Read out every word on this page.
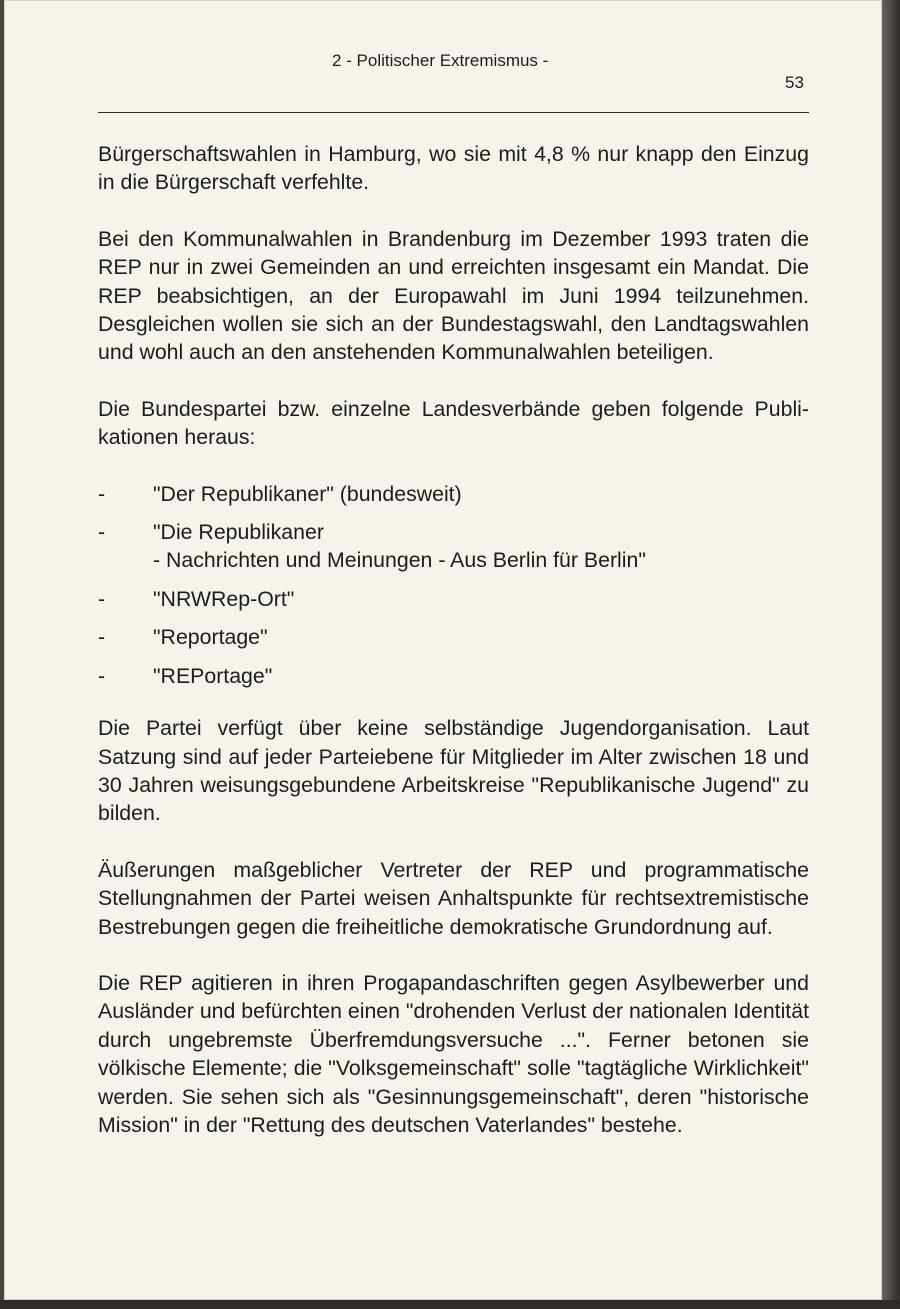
2 - Politischer Extremismus -
53

Bürgerschaftswahlen in Hamburg, wo sie mit 4,8 % nur knapp den Einzug in die Bürgerschaft verfehlte.

Bei den Kommunalwahlen in Brandenburg im Dezember 1993 traten die REP nur in zwei Gemeinden an und erreichten insgesamt ein Mandat. Die REP beabsichtigen, an der Europawahl im Juni 1994 teilzunehmen. Desgleichen wollen sie sich an der Bundestagswahl, den Landtagswahlen und wohl auch an den anstehenden Kommunalwahlen beteiligen.

Die Bundespartei bzw. einzelne Landesverbände geben folgende Publikationen heraus:

- "Der Republikaner" (bundesweit)
- "Die Republikaner
- Nachrichten und Meinungen - Aus Berlin für Berlin"
- "NRWRep-Ort"
- "Reportage"
- "REPortage"

Die Partei verfügt über keine selbständige Jugendorganisation. Laut Satzung sind auf jeder Parteiebene für Mitglieder im Alter zwischen 18 und 30 Jahren weisungsgebundene Arbeitskreise "Republikanische Jugend" zu bilden.

Äußerungen maßgeblicher Vertreter der REP und programmatische Stellungnahmen der Partei weisen Anhaltspunkte für rechtsextremistische Bestrebungen gegen die freiheitliche demokratische Grundordnung auf.

Die REP agitieren in ihren Progapandaschriften gegen Asylbewerber und Ausländer und befürchten einen "drohenden Verlust der nationalen Identität durch ungebremste Überfremdungsversuche ...". Ferner betonen sie völkische Elemente; die "Volksgemeinschaft" solle "tagtägliche Wirklichkeit" werden. Sie sehen sich als "Gesinnungsgemeinschaft", deren "historische Mission" in der "Rettung des deutschen Vaterlandes" bestehe.
